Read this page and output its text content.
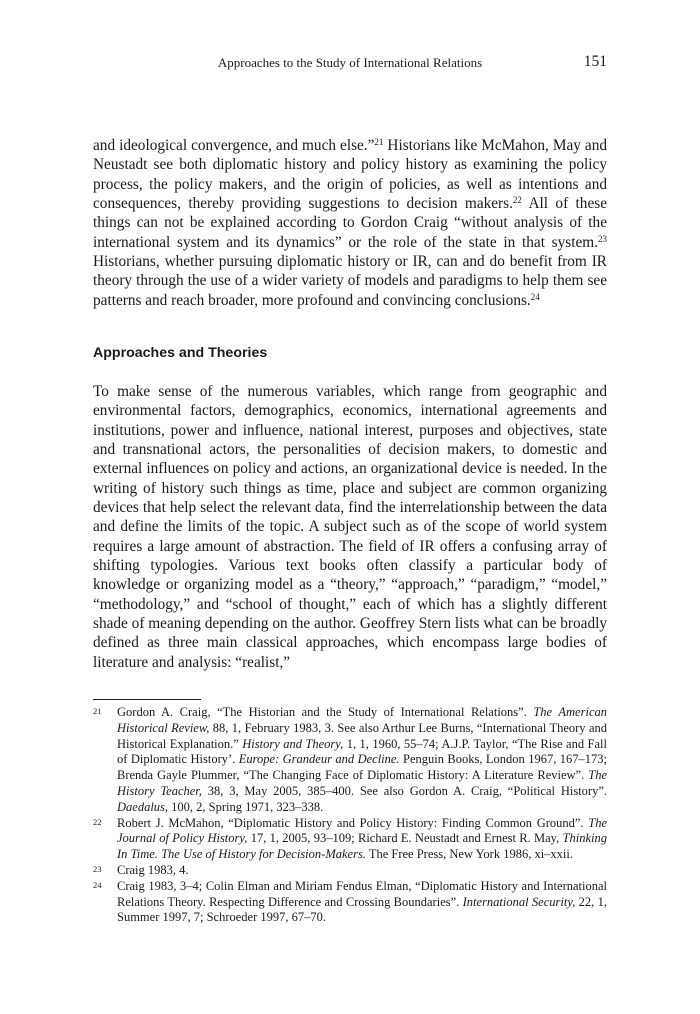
Approaches to the Study of International Relations	151

and ideological convergence, and much else.”$^{21}$ Historians like McMahon, May and Neustadt see both diplomatic history and policy history as examining the policy process, the policy makers, and the origin of policies, as well as intentions and consequences, thereby providing suggestions to decision makers.$^{22}$ All of these things can not be explained according to Gordon Craig “without analysis of the international system and its dynamics” or the role of the state in that system.$^{23}$ Historians, whether pursuing diplomatic history or IR, can and do benefit from IR theory through the use of a wider variety of models and paradigms to help them see patterns and reach broader, more profound and convincing conclusions.$^{24}$

Approaches and Theories

To make sense of the numerous variables, which range from geographic and environmental factors, demographics, economics, international agreements and institutions, power and influence, national interest, purposes and objectives, state and transnational actors, the personalities of decision makers, to domestic and external influences on policy and actions, an organizational device is needed. In the writing of history such things as time, place and subject are common organizing devices that help select the relevant data, find the interrelationship between the data and define the limits of the topic. A subject such as of the scope of world system requires a large amount of abstraction. The field of IR offers a confusing array of shifting typologies. Various text books often classify a particular body of knowledge or organizing model as a “theory,” “approach,” “paradigm,” “model,” “methodology,” and “school of thought,” each of which has a slightly different shade of meaning depending on the author. Geoffrey Stern lists what can be broadly defined as three main classical approaches, which encompass large bodies of literature and analysis: “realist,”

21	Gordon A. Craig, “The Historian and the Study of International Relations”. The American Historical Review, 88, 1, February 1983, 3. See also Arthur Lee Burns, “International Theory and Historical Explanation.” History and Theory, 1, 1, 1960, 55–74; A.J.P. Taylor, “The Rise and Fall of Diplomatic History’. Europe: Grandeur and Decline. Penguin Books, London 1967, 167–173; Brenda Gayle Plummer, “The Changing Face of Diplomatic History: A Literature Review”. The History Teacher, 38, 3, May 2005, 385–400. See also Gordon A. Craig, “Political History”. Daedalus, 100, 2, Spring 1971, 323–338.
22	Robert J. McMahon, “Diplomatic History and Policy History: Finding Common Ground”. The Journal of Policy History, 17, 1, 2005, 93–109; Richard E. Neustadt and Ernest R. May, Thinking In Time. The Use of History for Decision-Makers. The Free Press, New York 1986, xi–xxii.
23	Craig 1983, 4.
24	Craig 1983, 3–4; Colin Elman and Miriam Fendus Elman, “Diplomatic History and International Relations Theory. Respecting Difference and Crossing Boundaries”. International Security, 22, 1, Summer 1997, 7; Schroeder 1997, 67–70.
